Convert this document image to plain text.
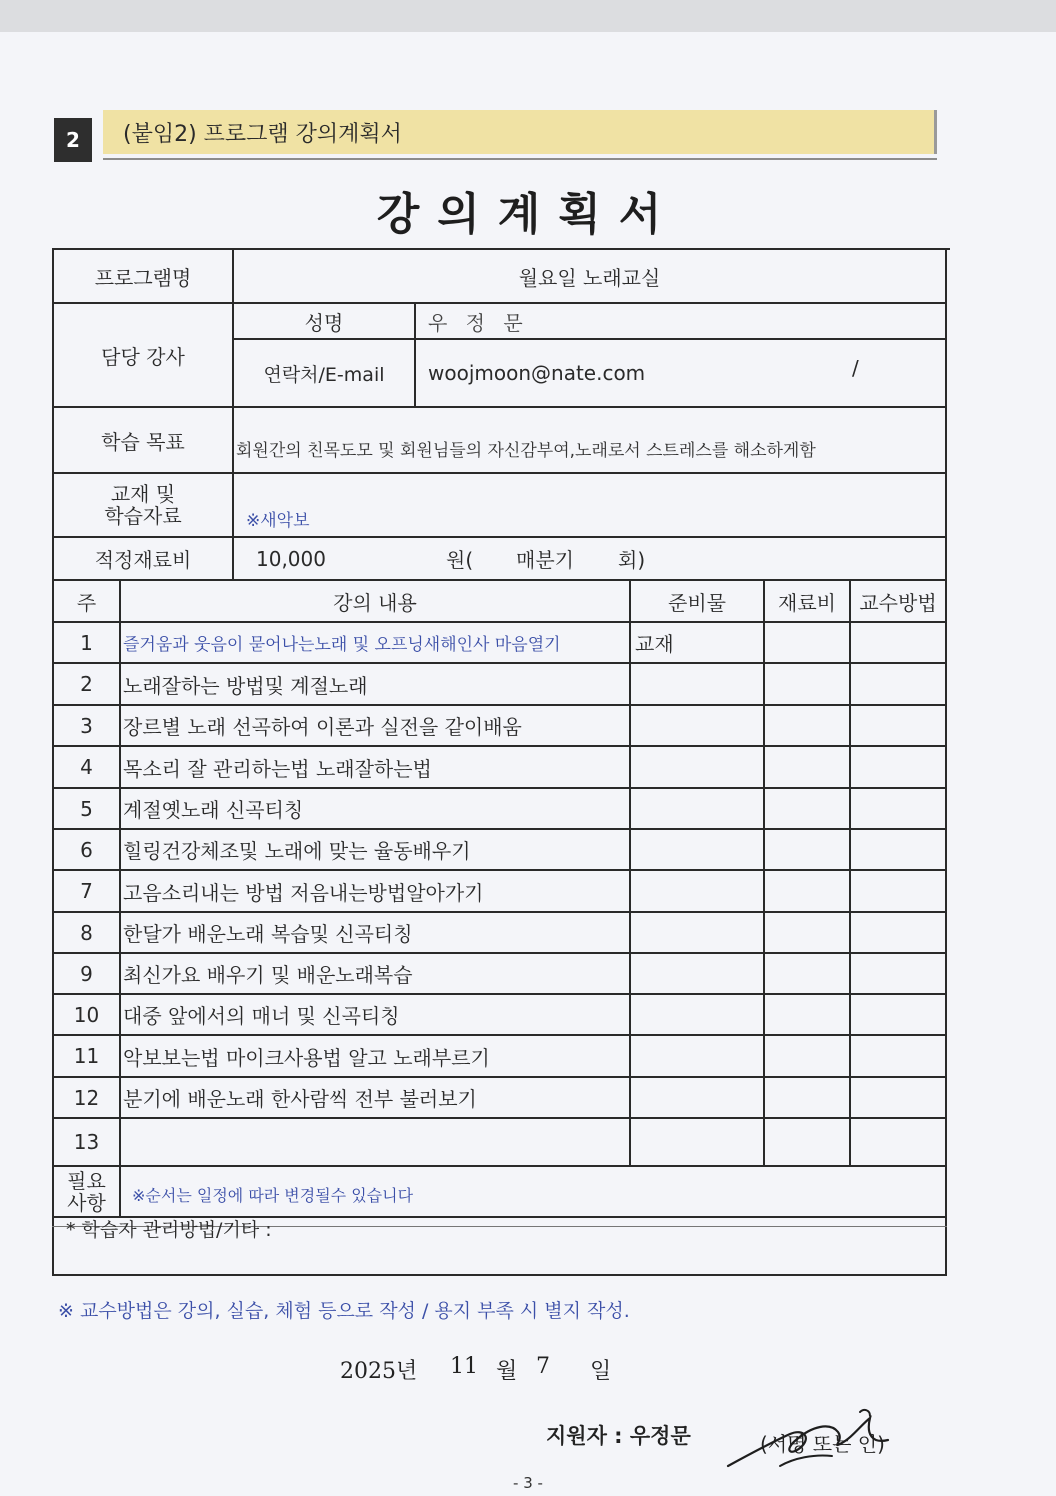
2	(붙임2) 프로그램 강의계획서
강의계획서
프로그램명	월요일 노래교실
담당 강사
성명	우 정 문
연락처/E-mail	woojmoon@nate.com	/
학습 목표	회원간의 친목도모 및 회원님들의 자신감부여,노래로서 스트레스를 해소하게함
교재 및
학습자료	※새악보
적정재료비	10,000	원(	매분기	회)
주	강의 내용	준비물	재료비	교수방법
1	즐거움과 웃음이 묻어나는노래 및 오프닝새해인사 마음열기	교재
2	노래잘하는 방법및 계절노래
3	장르별 노래 선곡하여 이론과 실전을 같이배움
4	목소리 잘 관리하는법 노래잘하는법
5	계절옛노래 신곡티칭
6	힐링건강체조및 노래에 맞는 율동배우기
7	고음소리내는 방법 저음내는방법알아가기
8	한달가 배운노래 복습및 신곡티칭
9	최신가요 배우기 및 배운노래복습
10	대중 앞에서의 매너 및 신곡티칭
11	악보보는법 마이크사용법 알고 노래부르기
12	분기에 배운노래 한사람씩 전부 불러보기
13
필요
사항 ※순서는 일정에 따라 변경될수 있습니다
* 학습자 관리방법/기타 :
※ 교수방법은 강의, 실습, 체험 등으로 작성 / 용지 부족 시 별지 작성.
2025년 11 월 7 일
지원자 : 우정문	(서명 또는 인)
- 3 -
